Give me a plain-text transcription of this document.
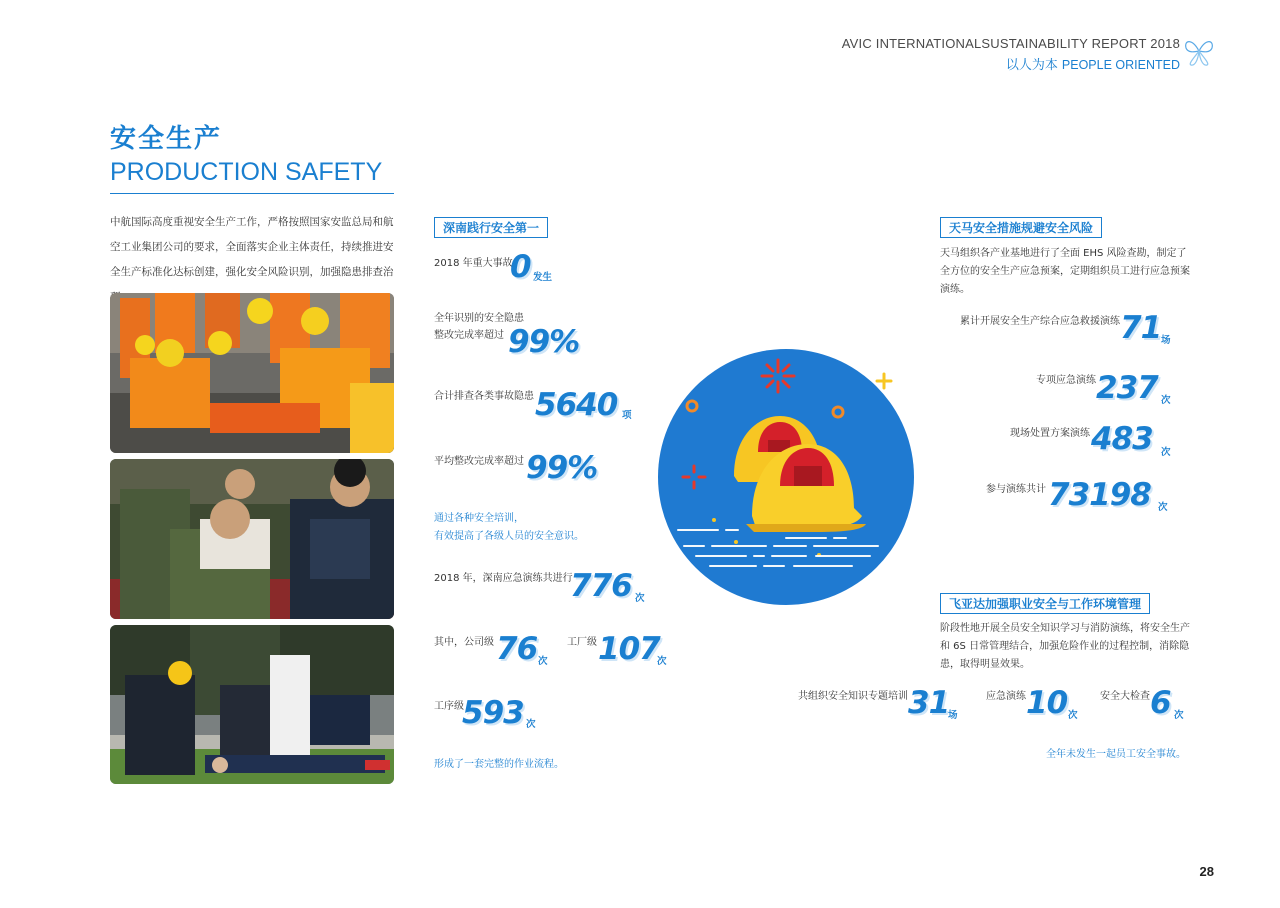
AVIC INTERNATIONALSUSTAINABILITY REPORT 2018
以人为本 PEOPLE ORIENTED
安全生产
PRODUCTION SAFETY
中航国际高度重视安全生产工作，严格按照国家安监总局和航空工业集团公司的要求，全面落实企业主体责任，持续推进安全生产标准化达标创建，强化安全风险识别，加强隐患排查治
深南践行安全第一
2018 年重大事故
0 发生
全年识别的安全隐患
整改完成率超过 99%
合计排查各类事故隐患 5640 项
平均整改完成率超过 99%
通过各种安全培训，
有效提高了各级人员的安全意识。
2018 年，深南应急演练共进行
776 次
其中，公司级 76 次
工厂级 107
次
工序级
593 次
形成了一套完整的作业流程。
天马安全措施规避安全风险
天马组织各产业基地进行了全面 EHS 风险查勘，制定了全方位的安全生产应急预案，定期组织员工进行应急预案演练。
累计开展安全生产综合应急救援演练 71 场
专项应急演练 237 次
现场处置方案演练 483 次
参与演练共计 73198 次
飞亚达加强职业安全与工作环境管理
阶段性地开展全员安全知识学习与消防演练，将安全生产和 6S 日常管理结合，加强危险作业的过程控制，消除隐患，取得明显效果。
共组织安全知识专题培训 31
场
应急演练 10 次
安全大检查 6 次
全年未发生一起员工安全事故。
28
